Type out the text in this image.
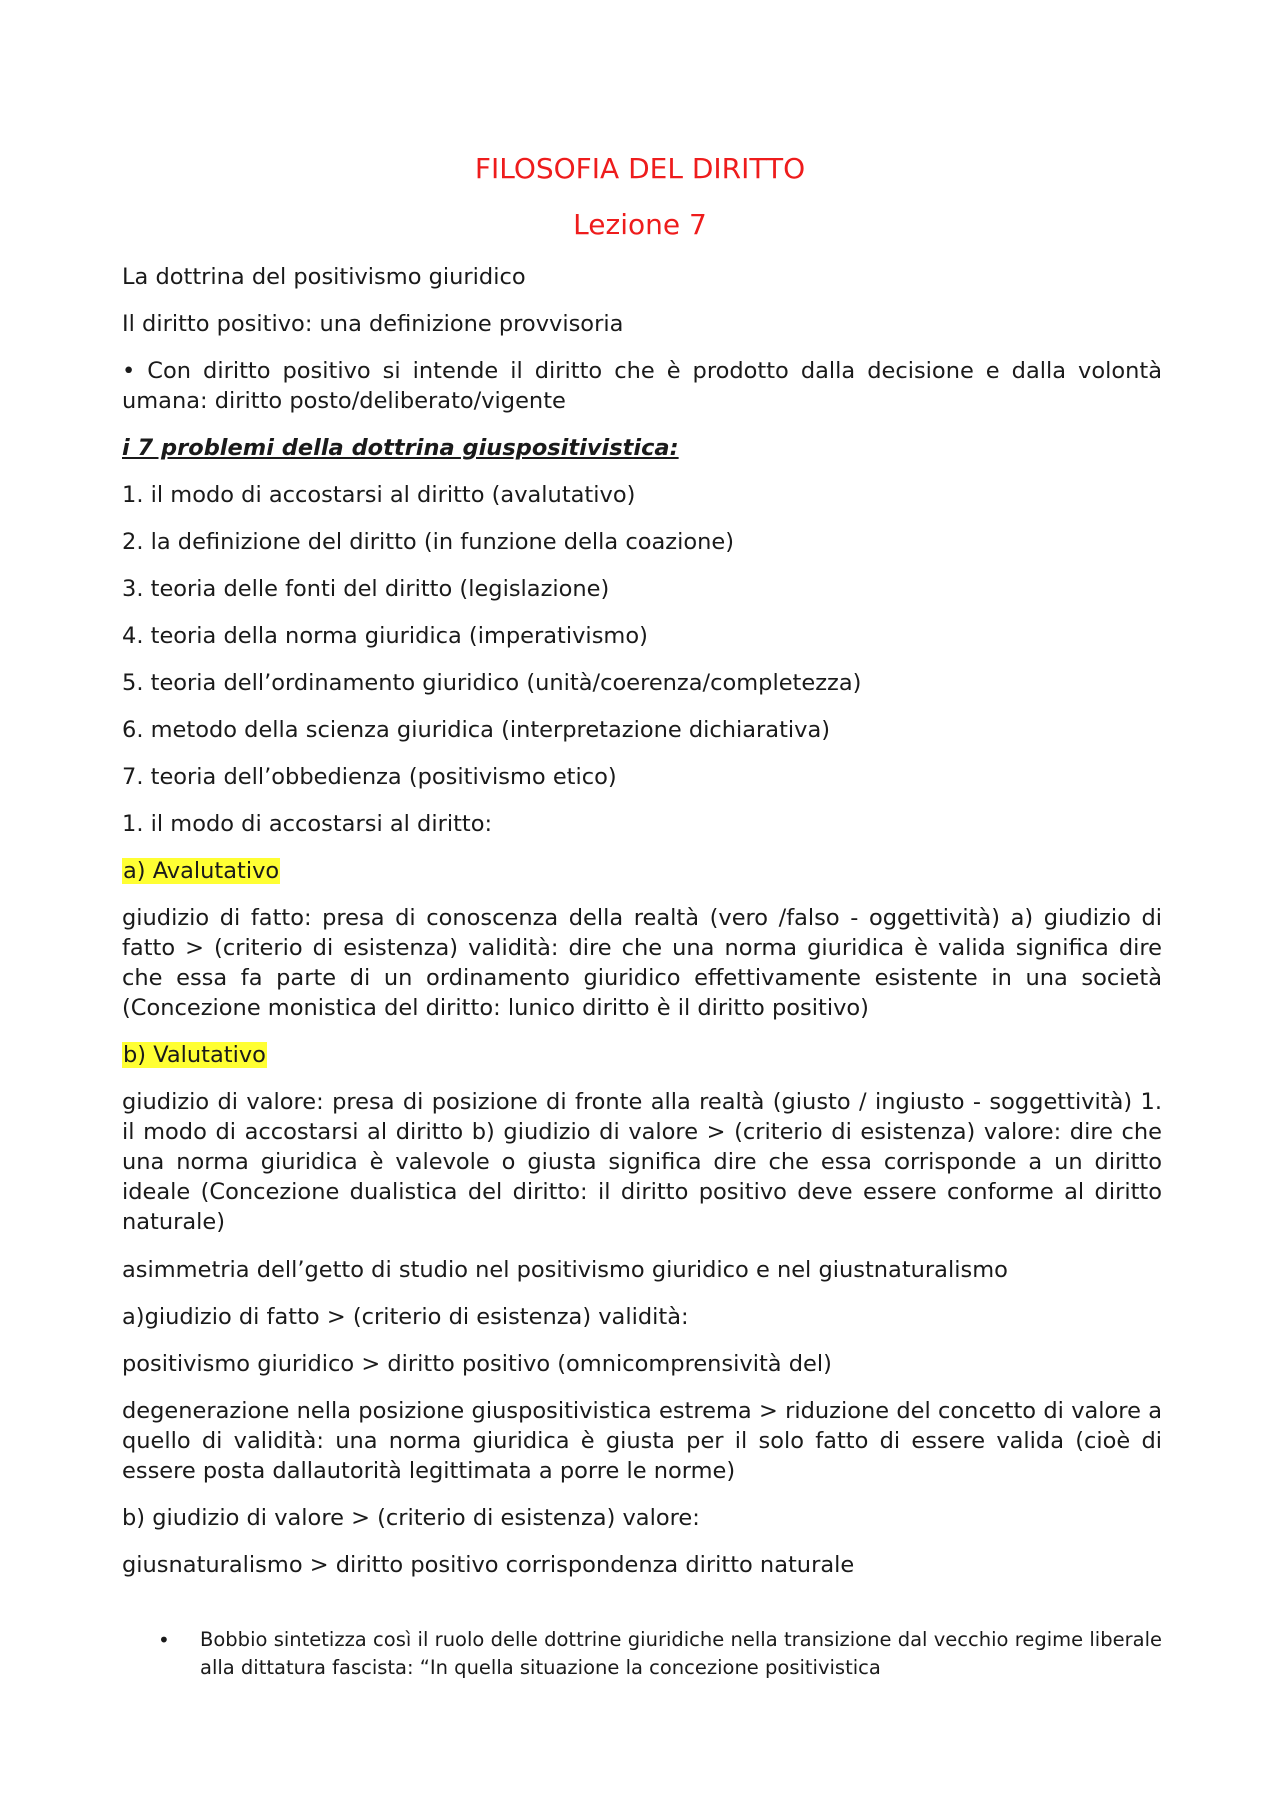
FILOSOFIA DEL DIRITTO
Lezione 7
La dottrina del positivismo giuridico
Il diritto positivo: una definizione provvisoria
• Con diritto positivo si intende il diritto che è prodotto dalla decisione e dalla volontà umana: diritto posto/deliberato/vigente
i 7 problemi della dottrina giuspositivistica:
1. il modo di accostarsi al diritto (avalutativo)
2. la definizione del diritto (in funzione della coazione)
3. teoria delle fonti del diritto (legislazione)
4. teoria della norma giuridica (imperativismo)
5. teoria dell’ordinamento giuridico (unità/coerenza/completezza)
6. metodo della scienza giuridica (interpretazione dichiarativa)
7. teoria dell’obbedienza (positivismo etico)
1. il modo di accostarsi al diritto:
a) Avalutativo
giudizio di fatto: presa di conoscenza della realtà (vero /falso - oggettività) a) giudizio di fatto > (criterio di esistenza) validità: dire che una norma giuridica è valida significa dire che essa fa parte di un ordinamento giuridico effettivamente esistente in una società (Concezione monistica del diritto: lunico diritto è il diritto positivo)
b) Valutativo
giudizio di valore: presa di posizione di fronte alla realtà (giusto / ingiusto - soggettività) 1. il modo di accostarsi al diritto b) giudizio di valore > (criterio di esistenza) valore: dire che una norma giuridica è valevole o giusta significa dire che essa corrisponde a un diritto ideale (Concezione dualistica del diritto: il diritto positivo deve essere conforme al diritto naturale)
asimmetria dell’getto di studio nel positivismo giuridico e nel giustnaturalismo
a)giudizio di fatto > (criterio di esistenza) validità:
positivismo giuridico > diritto positivo (omnicomprensività del)
degenerazione nella posizione giuspositivistica estrema > riduzione del concetto di valore a quello di validità: una norma giuridica è giusta per il solo fatto di essere valida (cioè di essere posta dallautorità legittimata a porre le norme)
b) giudizio di valore > (criterio di esistenza) valore:
giusnaturalismo > diritto positivo corrispondenza diritto naturale
• Bobbio sintetizza così il ruolo delle dottrine giuridiche nella transizione dal vecchio regime liberale alla dittatura fascista: “In quella situazione la concezione positivistica
